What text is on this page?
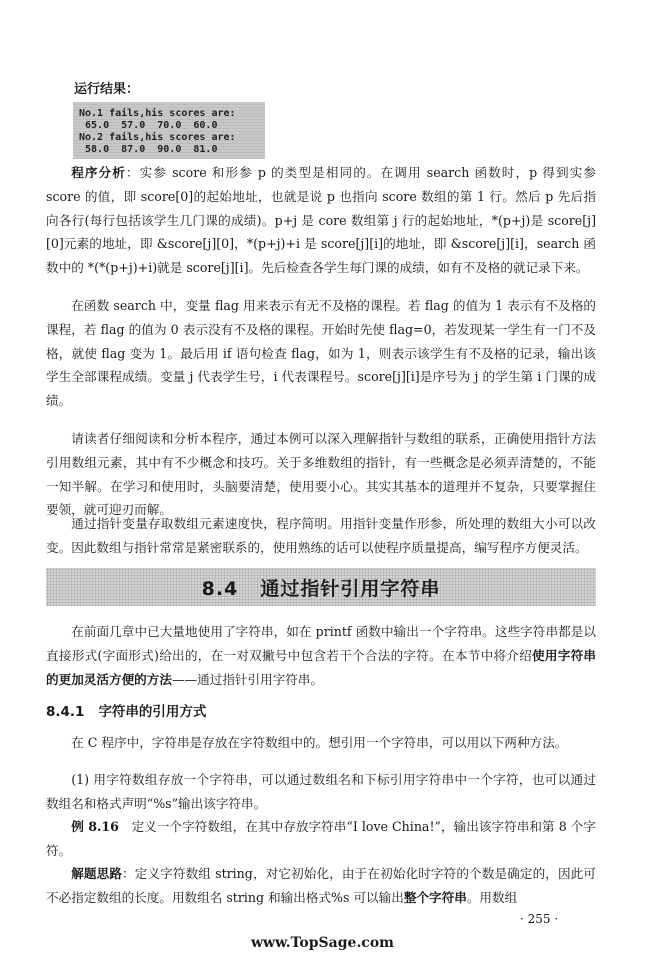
运行结果：
No.1 fails,his scores are:
65.0  57.0  70.0  60.0
No.2 fails,his scores are:
58.0  87.0  90.0  81.0

程序分析：实参 score 和形参 p 的类型是相同的。在调用 search 函数时，p 得到实参 score 的值，即 score[0]的起始地址，也就是说 p 也指向 score 数组的第 1 行。然后 p 先后指向各行(每行包括该学生几门课的成绩)。p+j 是 core 数组第 j 行的起始地址，*(p+j)是 score[j][0]元素的地址，即 &score[j][0]，*(p+j)+i 是 score[j][i]的地址，即 &score[j][i]，search 函数中的 *(*(p+j)+i)就是 score[j][i]。先后检查各学生每门课的成绩，如有不及格的就记录下来。

在函数 search 中，变量 flag 用来表示有无不及格的课程。若 flag 的值为 1 表示有不及格的课程，若 flag 的值为 0 表示没有不及格的课程。开始时先使 flag=0，若发现某一学生有一门不及格，就使 flag 变为 1。最后用 if 语句检查 flag，如为 1，则表示该学生有不及格的记录，输出该学生全部课程成绩。变量 j 代表学生号，i 代表课程号。score[j][i]是序号为 j 的学生第 i 门课的成绩。

请读者仔细阅读和分析本程序，通过本例可以深入理解指针与数组的联系，正确使用指针方法引用数组元素，其中有不少概念和技巧。关于多维数组的指针，有一些概念是必须弄清楚的，不能一知半解。在学习和使用时，头脑要清楚，使用要小心。其实其基本的道理并不复杂，只要掌握住要领，就可迎刃而解。

通过指针变量存取数组元素速度快，程序简明。用指针变量作形参，所处理的数组大小可以改变。因此数组与指针常常是紧密联系的，使用熟练的话可以使程序质量提高，编写程序方便灵活。

8.4 通过指针引用字符串

在前面几章中已大量地使用了字符串，如在 printf 函数中输出一个字符串。这些字符串都是以直接形式(字面形式)给出的，在一对双撇号中包含若干个合法的字符。在本节中将介绍使用字符串的更加灵活方便的方法——通过指针引用字符串。

8.4.1 字符串的引用方式

在 C 程序中，字符串是存放在字符数组中的。想引用一个字符串，可以用以下两种方法。

(1) 用字符数组存放一个字符串，可以通过数组名和下标引用字符串中一个字符，也可以通过数组名和格式声明“%s”输出该字符串。

例 8.16　 定义一个字符数组，在其中存放字符串“I love China!”，输出该字符串和第 8 个字符。

解题思路：定义字符数组 string，对它初始化，由于在初始化时字符的个数是确定的，因此可不必指定数组的长度。用数组名 string 和输出格式%s 可以输出整个字符串。用数组

· 255 ·
www.TopSage.com
